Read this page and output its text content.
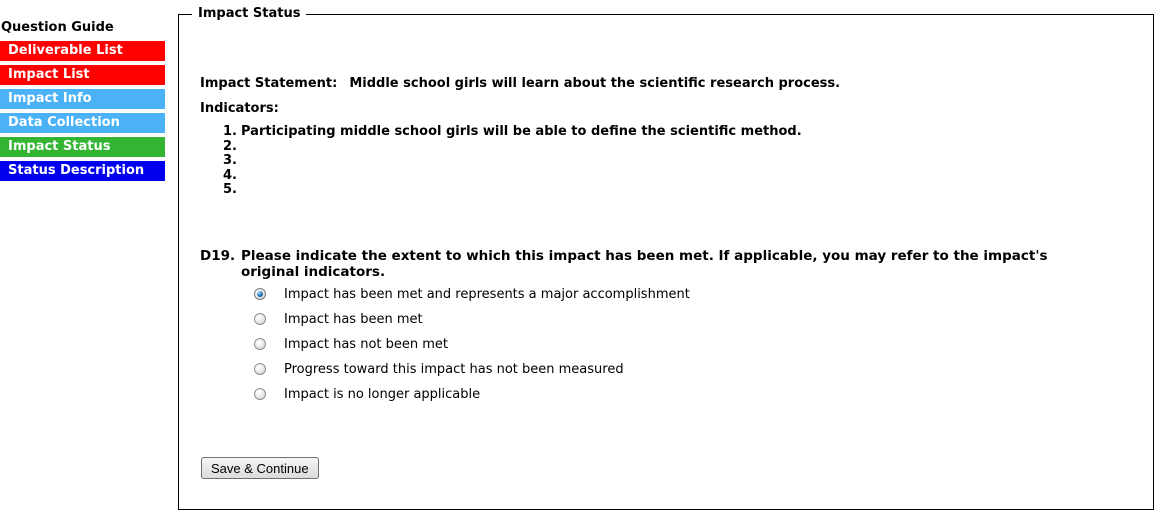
Question Guide
Deliverable List
Impact List
Impact Info
Data Collection
Impact Status
Status Description
Impact Status
Impact Statement: Middle school girls will learn about the scientific research process.
Indicators:
1. Participating middle school girls will be able to define the scientific method.
2.
3.
4.
5.
D19. Please indicate the extent to which this impact has been met. If applicable, you may refer to the impact's original indicators.
Impact has been met and represents a major accomplishment
Impact has been met
Impact has not been met
Progress toward this impact has not been measured
Impact is no longer applicable
Save & Continue
